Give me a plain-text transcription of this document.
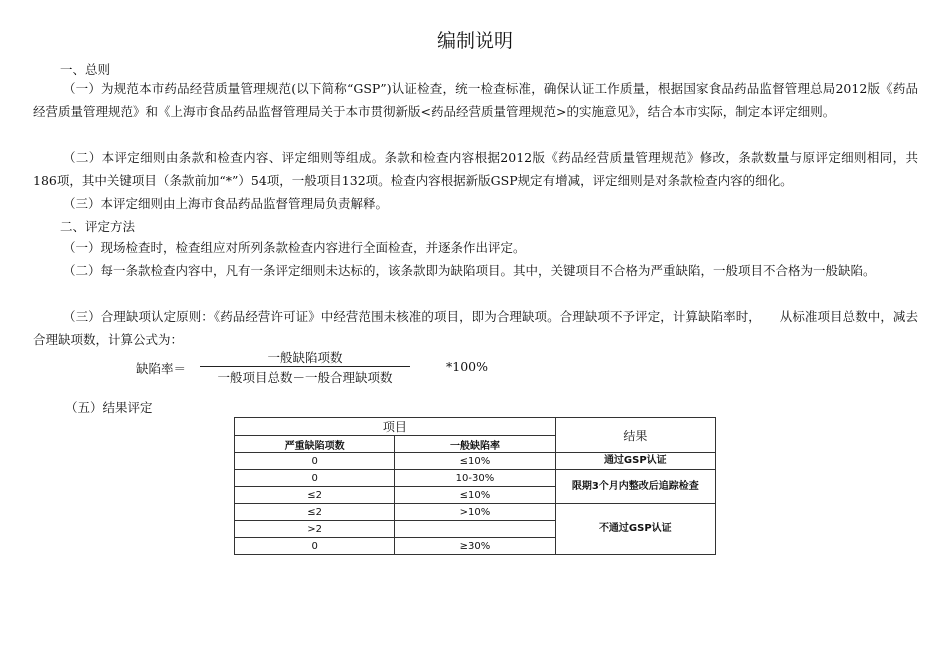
编制说明
一、总则
（一）为规范本市药品经营质量管理规范(以下简称“GSP”)认证检查，统一检查标准，确保认证工作质量，根据国家食品药品监督管理总局2012版《药品经营质量管理规范》和《上海市食品药品监督管理局关于本市贯彻新版<药品经营质量管理规范>的实施意见》，结合本市实际，制定本评定细则。
（二）本评定细则由条款和检查内容、评定细则等组成。条款和检查内容根据2012版《药品经营质量管理规范》修改，条款数量与原评定细则相同，共186项，其中关键项目（条款前加“*”）54项，一般项目132项。检查内容根据新版GSP规定有增减，评定细则是对条款检查内容的细化。
（三）本评定细则由上海市食品药品监督管理局负责解释。
二、评定方法
（一）现场检查时，检查组应对所列条款检查内容进行全面检查，并逐条作出评定。
（二）每一条款检查内容中，凡有一条评定细则未达标的，该条款即为缺陷项目。其中，关键项目不合格为严重缺陷，一般项目不合格为一般缺陷。
（三）合理缺项认定原则：《药品经营许可证》中经营范围未核准的项目，即为合理缺项。合理缺项不予评定，计算缺陷率时，　　从标准项目总数中，减去合理缺项数，计算公式为：
缺陷率＝
一般缺陷项数
一般项目总数－一般合理缺项数
*100%
（五）结果评定
项目		结果
严重缺陷项数	一般缺陷率	
0	≤10%	通过GSP认证
0	10-30%	限期3个月内整改后追踪检查
≤2	≤10%	
≤2	>10%	不通过GSP认证
>2		
0	≥30%	
